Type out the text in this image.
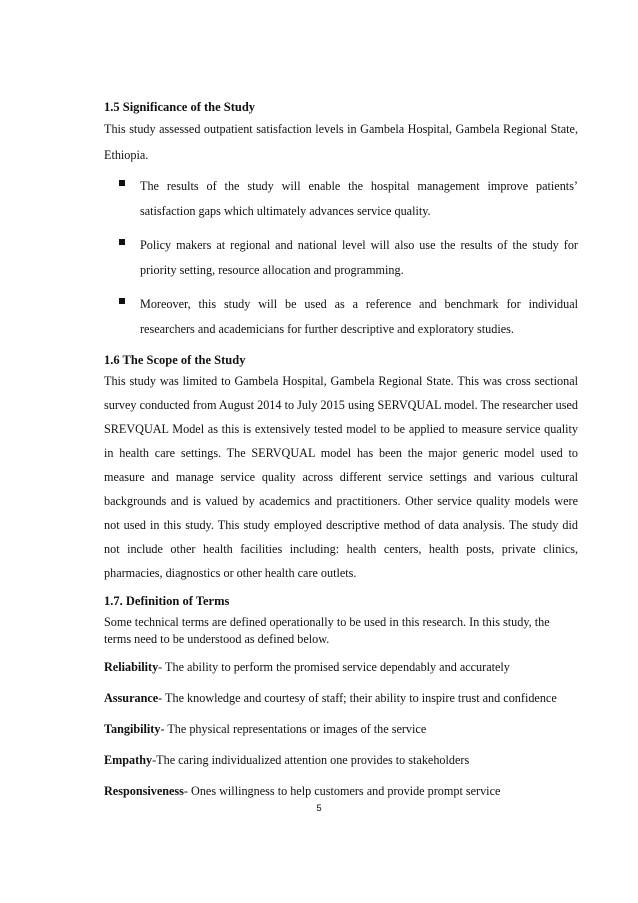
1.5 Significance of the Study

This study assessed outpatient satisfaction levels in Gambela Hospital, Gambela Regional State, Ethiopia.

The results of the study will enable the hospital management improve patients’ satisfaction gaps which ultimately advances service quality.
Policy makers at regional and national level will also use the results of the study for priority setting, resource allocation and programming.
Moreover, this study will be used as a reference and benchmark for individual researchers and academicians for further descriptive and exploratory studies.
1.6 The Scope of the Study

This study was limited to Gambela Hospital, Gambela Regional State. This was cross sectional survey conducted from August 2014 to July 2015 using SERVQUAL model. The researcher used SREVQUAL Model as this is extensively tested model to be applied to measure service quality in health care settings. The SERVQUAL model has been the major generic model used to measure and manage service quality across different service settings and various cultural backgrounds and is valued by academics and practitioners. Other service quality models were not used in this study. This study employed descriptive method of data analysis. The study did not include other health facilities including: health centers, health posts, private clinics, pharmacies, diagnostics or other health care outlets.

1.7. Definition of Terms

Some technical terms are defined operationally to be used in this research. In this study, the terms need to be understood as defined below.

Reliability- The ability to perform the promised service dependably and accurately
Assurance- The knowledge and courtesy of staff; their ability to inspire trust and confidence
Tangibility- The physical representations or images of the service
Empathy-The caring individualized attention one provides to stakeholders
Responsiveness- Ones willingness to help customers and provide prompt service
5
